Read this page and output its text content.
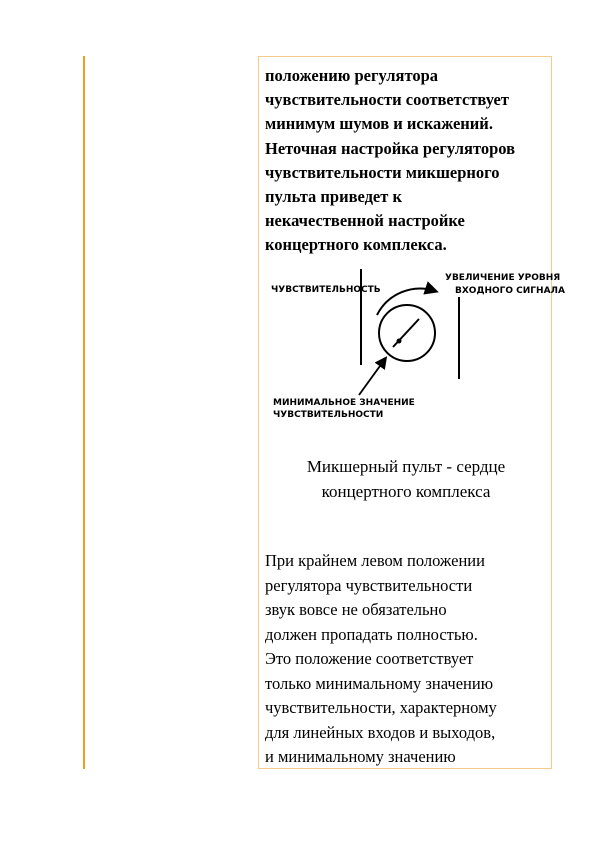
положению регулятора
чувствительности соответствует
минимум шумов и искажений.
Неточная настройка регуляторов
чувствительности микшерного
пульта приведет к
некачественной настройке
концертного комплекса.

ЧУВСТВИТЕЛЬНОСТЬ
УВЕЛИЧЕНИЕ УРОВНЯ
ВХОДНОГО СИГНАЛА
МИНИМАЛЬНОЕ ЗНАЧЕНИЕ
ЧУВСТВИТЕЛЬНОСТИ

Микшерный пульт - сердце
концертного комплекса

При крайнем левом положении
регулятора чувствительности
звук вовсе не обязательно
должен пропадать полностью.
Это положение соответствует
только минимальному значению
чувствительности, характерному
для линейных входов и выходов,
и минимальному значению
